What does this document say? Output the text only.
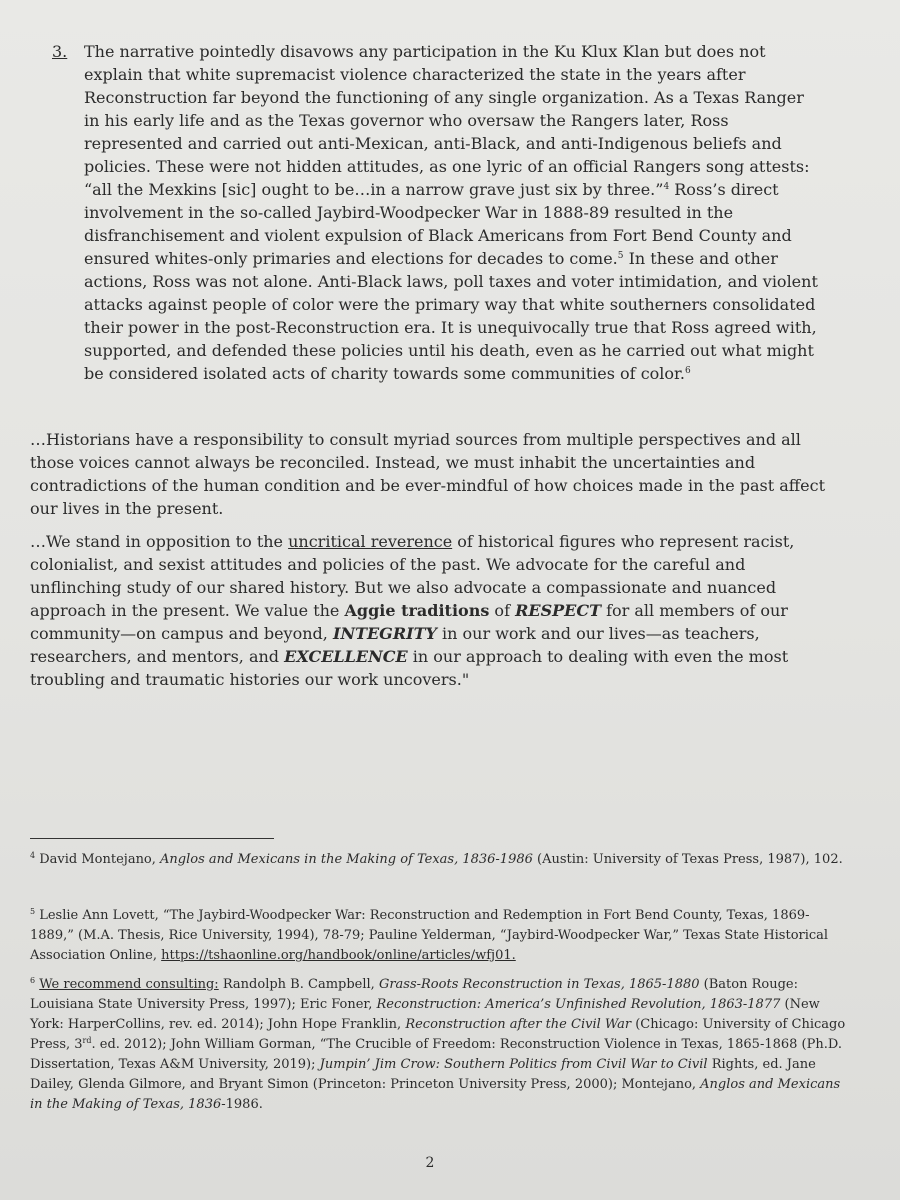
3. The narrative pointedly disavows any participation in the Ku Klux Klan but does not explain that white supremacist violence characterized the state in the years after Reconstruction far beyond the functioning of any single organization. As a Texas Ranger in his early life and as the Texas governor who oversaw the Rangers later, Ross represented and carried out anti-Mexican, anti-Black, and anti-Indigenous beliefs and policies. These were not hidden attitudes, as one lyric of an official Rangers song attests: “all the Mexkins [sic] ought to be…in a narrow grave just six by three.”$^4$ Ross’s direct involvement in the so-called Jaybird-Woodpecker War in 1888-89 resulted in the disfranchisement and violent expulsion of Black Americans from Fort Bend County and ensured whites-only primaries and elections for decades to come.$^5$ In these and other actions, Ross was not alone. Anti-Black laws, poll taxes and voter intimidation, and violent attacks against people of color were the primary way that white southerners consolidated their power in the post-Reconstruction era. It is unequivocally true that Ross agreed with, supported, and defended these policies until his death, even as he carried out what might be considered isolated acts of charity towards some communities of color.$^6$
…Historians have a responsibility to consult myriad sources from multiple perspectives and all those voices cannot always be reconciled. Instead, we must inhabit the uncertainties and contradictions of the human condition and be ever-mindful of how choices made in the past affect our lives in the present.
…We stand in opposition to the uncritical reverence of historical figures who represent racist, colonialist, and sexist attitudes and policies of the past. We advocate for the careful and unflinching study of our shared history. But we also advocate a compassionate and nuanced approach in the present. We value the Aggie traditions of RESPECT for all members of our community—on campus and beyond, INTEGRITY in our work and our lives—as teachers, researchers, and mentors, and EXCELLENCE in our approach to dealing with even the most troubling and traumatic histories our work uncovers."
$^4$ David Montejano, Anglos and Mexicans in the Making of Texas, 1836-1986 (Austin: University of Texas Press, 1987), 102.
$^5$ Leslie Ann Lovett, “The Jaybird-Woodpecker War: Reconstruction and Redemption in Fort Bend County, Texas, 1869-1889,” (M.A. Thesis, Rice University, 1994), 78-79; Pauline Yelderman, “Jaybird-Woodpecker War,” Texas State Historical Association Online, https://tshaonline.org/handbook/online/articles/wfj01.
$^6$ We recommend consulting: Randolph B. Campbell, Grass-Roots Reconstruction in Texas, 1865-1880 (Baton Rouge: Louisiana State University Press, 1997); Eric Foner, Reconstruction: America’s Unfinished Revolution, 1863-1877 (New York: HarperCollins, rev. ed. 2014); John Hope Franklin, Reconstruction after the Civil War (Chicago: University of Chicago Press, 3rd. ed. 2012); John William Gorman, “The Crucible of Freedom: Reconstruction Violence in Texas, 1865-1868 (Ph.D. Dissertation, Texas A&M University, 2019); Jumpin’ Jim Crow: Southern Politics from Civil War to Civil Rights, ed. Jane Dailey, Glenda Gilmore, and Bryant Simon (Princeton: Princeton University Press, 2000); Montejano, Anglos and Mexicans in the Making of Texas, 1836-1986.
2
